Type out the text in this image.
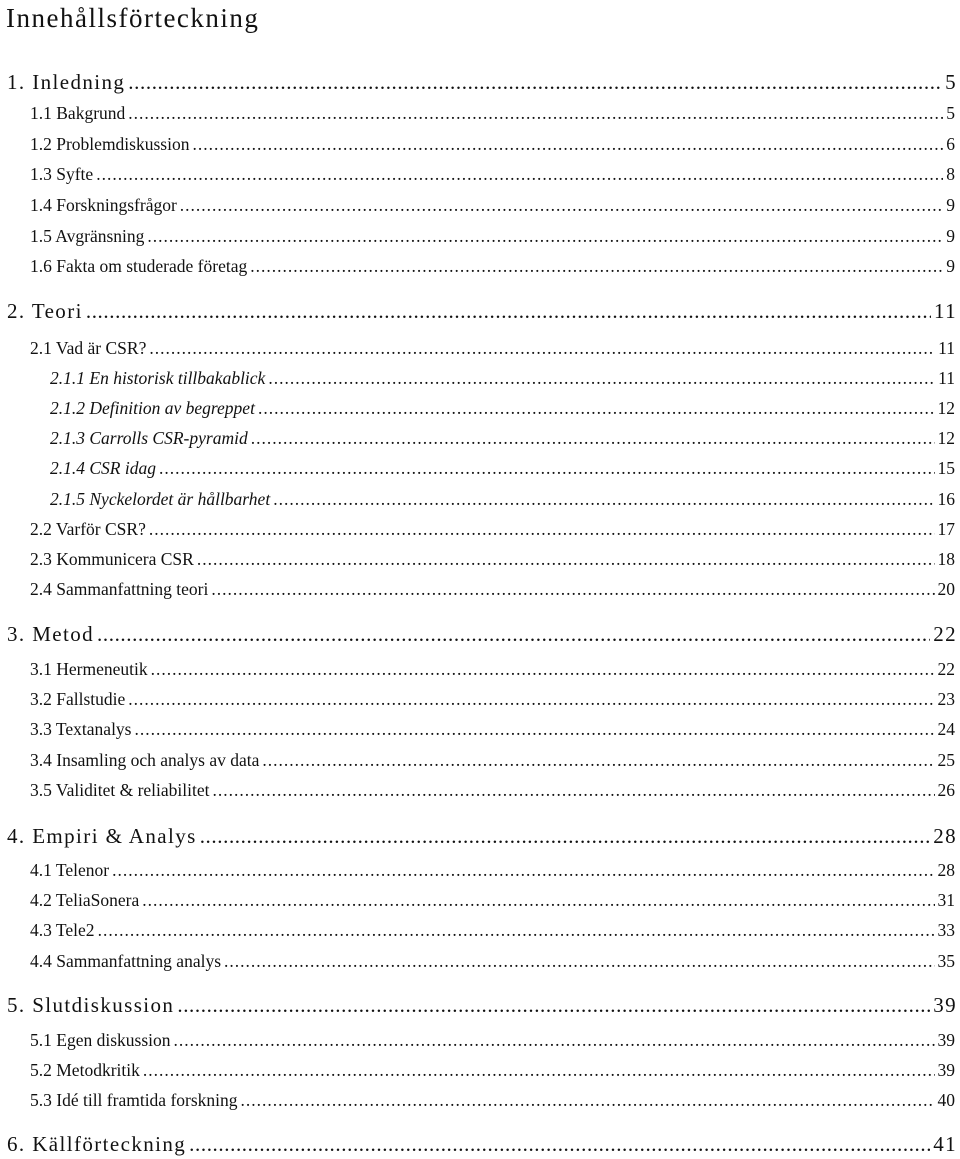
Innehållsförteckning
1. Inledning .....	5
1.1 Bakgrund .....	5
1.2 Problemdiskussion .....	6
1.3 Syfte .....	8
1.4 Forskningsfrågor .....	9
1.5 Avgränsning .....	9
1.6 Fakta om studerade företag .....	9
2. Teori .....	11
2.1 Vad är CSR? .....	11
2.1.1 En historisk tillbakablick .....	11
2.1.2 Definition av begreppet .....	12
2.1.3 Carrolls CSR-pyramid .....	12
2.1.4 CSR idag .....	15
2.1.5 Nyckelordet är hållbarhet .....	16
2.2 Varför CSR? .....	17
2.3 Kommunicera CSR .....	18
2.4 Sammanfattning teori .....	20
3. Metod .....	22
3.1 Hermeneutik .....	22
3.2 Fallstudie .....	23
3.3 Textanalys .....	24
3.4 Insamling och analys av data .....	25
3.5 Validitet & reliabilitet .....	26
4. Empiri & Analys .....	28
4.1 Telenor .....	28
4.2 TeliaSonera .....	31
4.3 Tele2 .....	33
4.4 Sammanfattning analys .....	35
5. Slutdiskussion .....	39
5.1 Egen diskussion .....	39
5.2 Metodkritik .....	39
5.3 Idé till framtida forskning .....	40
6. Källförteckning .....	41
